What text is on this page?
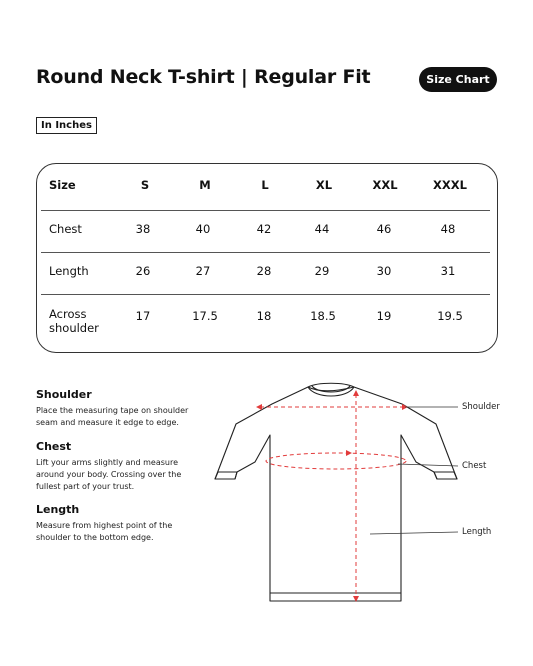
Round Neck T-shirt | Regular Fit	Size Chart
In Inches
Size	S	M	L	XL	XXL	XXXL
Chest	38	40	42	44	46	48
Length	26	27	28	29	30	31
Across
shoulder
17	17.5	18	18.5	19	19.5
Shoulder

Place the measuring tape on shoulder seam and measure it edge to edge.

Chest

Lift your arms slightly and measure around your body. Crossing over the fullest part of your trust.

Length

Measure from highest point of the shoulder to the bottom edge.

Shoulder
Chest
Length
